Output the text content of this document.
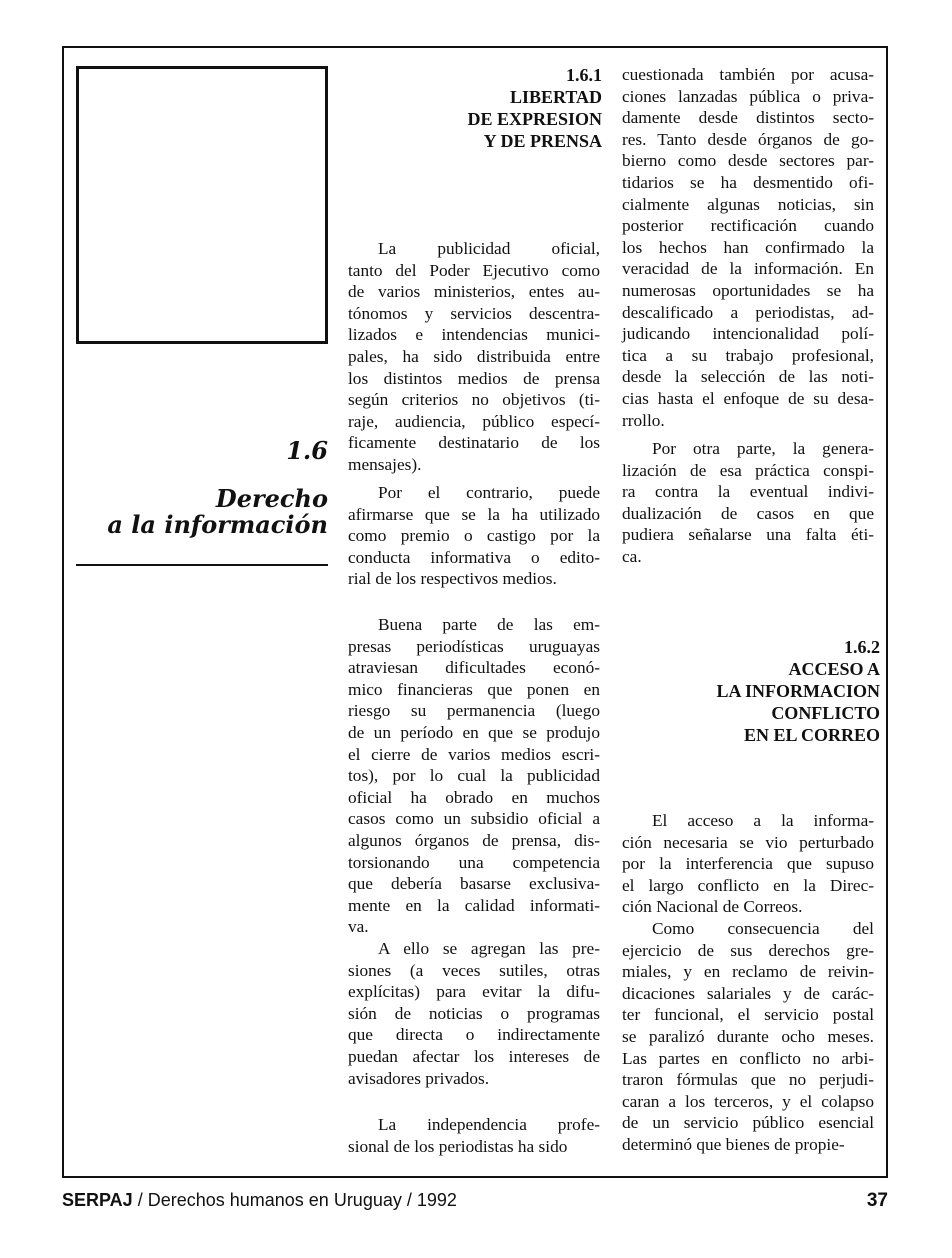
1.6
Derecho
a la información
1.6.1
LIBERTAD
DE EXPRESION
Y DE PRENSA
1.6.2
ACCESO A
LA INFORMACION
CONFLICTO
EN EL CORREO
La publicidad oficial,
tanto del Poder Ejecutivo como
de varios ministerios, entes au-
tónomos y servicios descentra-
lizados e intendencias munici-
pales, ha sido distribuida entre
los distintos medios de prensa
según criterios no objetivos (ti-
raje, audiencia, público especí-
ficamente destinatario de los
mensajes).
Por el contrario, puede
afirmarse que se la ha utilizado
como premio o castigo por la
conducta informativa o edito-
rial de los respectivos medios.
Buena parte de las em-
presas periodísticas uruguayas
atraviesan dificultades econó-
mico financieras que ponen en
riesgo su permanencia (luego
de un período en que se produjo
el cierre de varios medios escri-
tos), por lo cual la publicidad
oficial ha obrado en muchos
casos como un subsidio oficial a
algunos órganos de prensa, dis-
torsionando una competencia
que debería basarse exclusiva-
mente en la calidad informati-
va.
A ello se agregan las pre-
siones (a veces sutiles, otras
explícitas) para evitar la difu-
sión de noticias o programas
que directa o indirectamente
puedan afectar los intereses de
avisadores privados.
La independencia profe-
sional de los periodistas ha sido
cuestionada también por acusa-
ciones lanzadas pública o priva-
damente desde distintos secto-
res. Tanto desde órganos de go-
bierno como desde sectores par-
tidarios se ha desmentido ofi-
cialmente algunas noticias, sin
posterior rectificación cuando
los hechos han confirmado la
veracidad de la información. En
numerosas oportunidades se ha
descalificado a periodistas, ad-
judicando intencionalidad polí-
tica a su trabajo profesional,
desde la selección de las noti-
cias hasta el enfoque de su desa-
rrollo.
Por otra parte, la genera-
lización de esa práctica conspi-
ra contra la eventual indivi-
dualización de casos en que
pudiera señalarse una falta éti-
ca.
El acceso a la informa-
ción necesaria se vio perturbado
por la interferencia que supuso
el largo conflicto en la Direc-
ción Nacional de Correos.
Como consecuencia del
ejercicio de sus derechos gre-
miales, y en reclamo de reivin-
dicaciones salariales y de carác-
ter funcional, el servicio postal
se paralizó durante ocho meses.
Las partes en conflicto no arbi-
traron fórmulas que no perjudi-
caran a los terceros, y el colapso
de un servicio público esencial
determinó que bienes de propie-
SERPAJ / Derechos humanos en Uruguay / 1992	37
